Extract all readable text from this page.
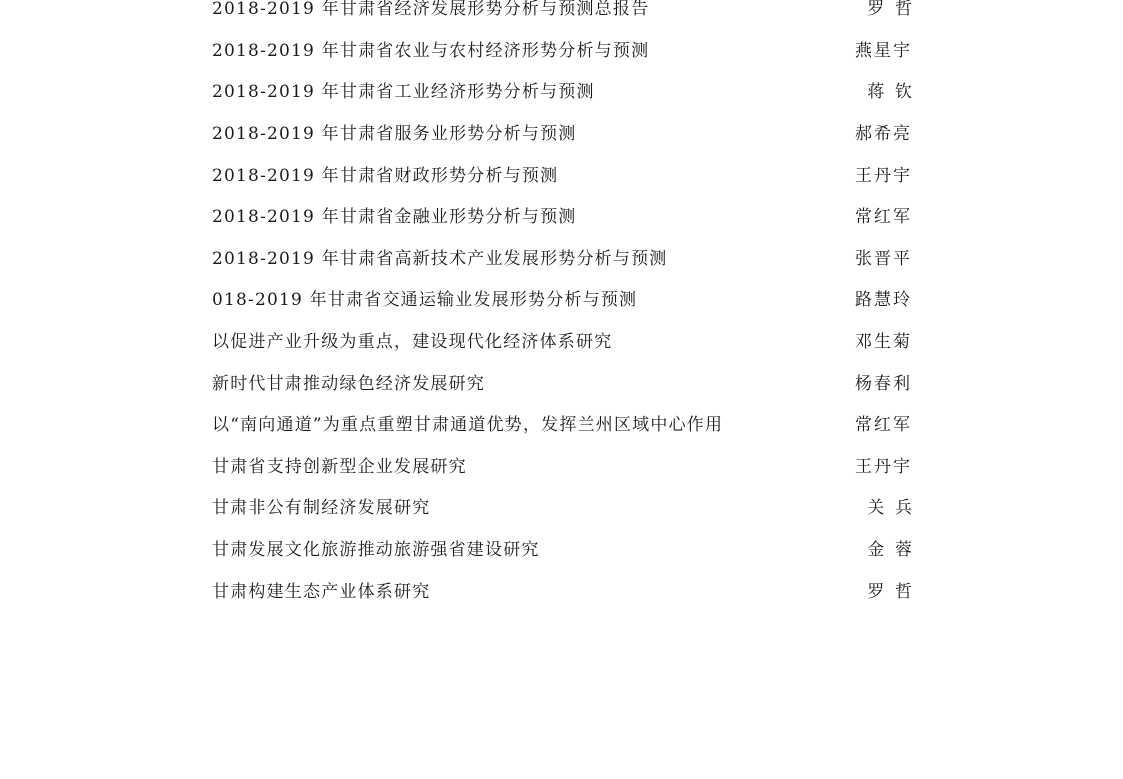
2018-2019 年甘肃省经济发展形势分析与预测总报告	罗  哲
2018-2019 年甘肃省农业与农村经济形势分析与预测	燕星宇
2018-2019 年甘肃省工业经济形势分析与预测	蒋  钦
2018-2019 年甘肃省服务业形势分析与预测	郝希亮
2018-2019 年甘肃省财政形势分析与预测	王丹宇
2018-2019 年甘肃省金融业形势分析与预测	常红军
2018-2019 年甘肃省高新技术产业发展形势分析与预测	张晋平
018-2019 年甘肃省交通运输业发展形势分析与预测	路慧玲
以促进产业升级为重点，建设现代化经济体系研究	邓生菊
新时代甘肃推动绿色经济发展研究	杨春利
以“南向通道”为重点重塑甘肃通道优势，发挥兰州区域中心作用	常红军
甘肃省支持创新型企业发展研究	王丹宇
甘肃非公有制经济发展研究	关  兵
甘肃发展文化旅游推动旅游强省建设研究	金  蓉
甘肃构建生态产业体系研究	罗  哲
